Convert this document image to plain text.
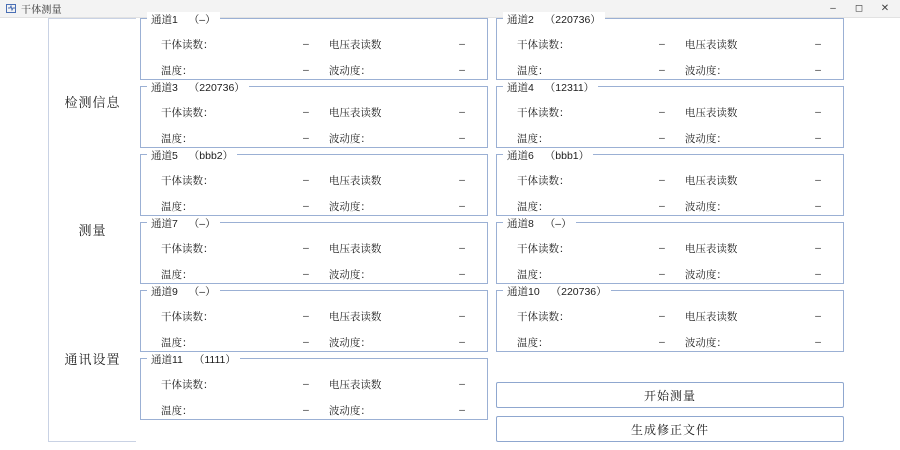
干体测量	–	◻	✕
检测信息
测量
通讯设置
通道1 （–）
干体读数：	–	电压表读数	–
温度：	–	波动度：	–
通道2 （220736）
干体读数：	–	电压表读数	–
温度：	–	波动度：	–
通道3 （220736）
干体读数：	–	电压表读数	–
温度：	–	波动度：	–
通道4 （12311）
干体读数：	–	电压表读数	–
温度：	–	波动度：	–
通道5 （bbb2）
干体读数：	–	电压表读数	–
温度：	–	波动度：	–
通道6 （bbb1）
干体读数：	–	电压表读数	–
温度：	–	波动度：	–
通道7 （–）
干体读数：	–	电压表读数	–
温度：	–	波动度：	–
通道8 （–）
干体读数：	–	电压表读数	–
温度：	–	波动度：	–
通道9 （–）
干体读数：	–	电压表读数	–
温度：	–	波动度：	–
通道10 （220736）
干体读数：	–	电压表读数	–
温度：	–	波动度：	–
通道11 （1111）
干体读数：	–	电压表读数	–
温度：	–	波动度：	–
开始测量
生成修正文件
